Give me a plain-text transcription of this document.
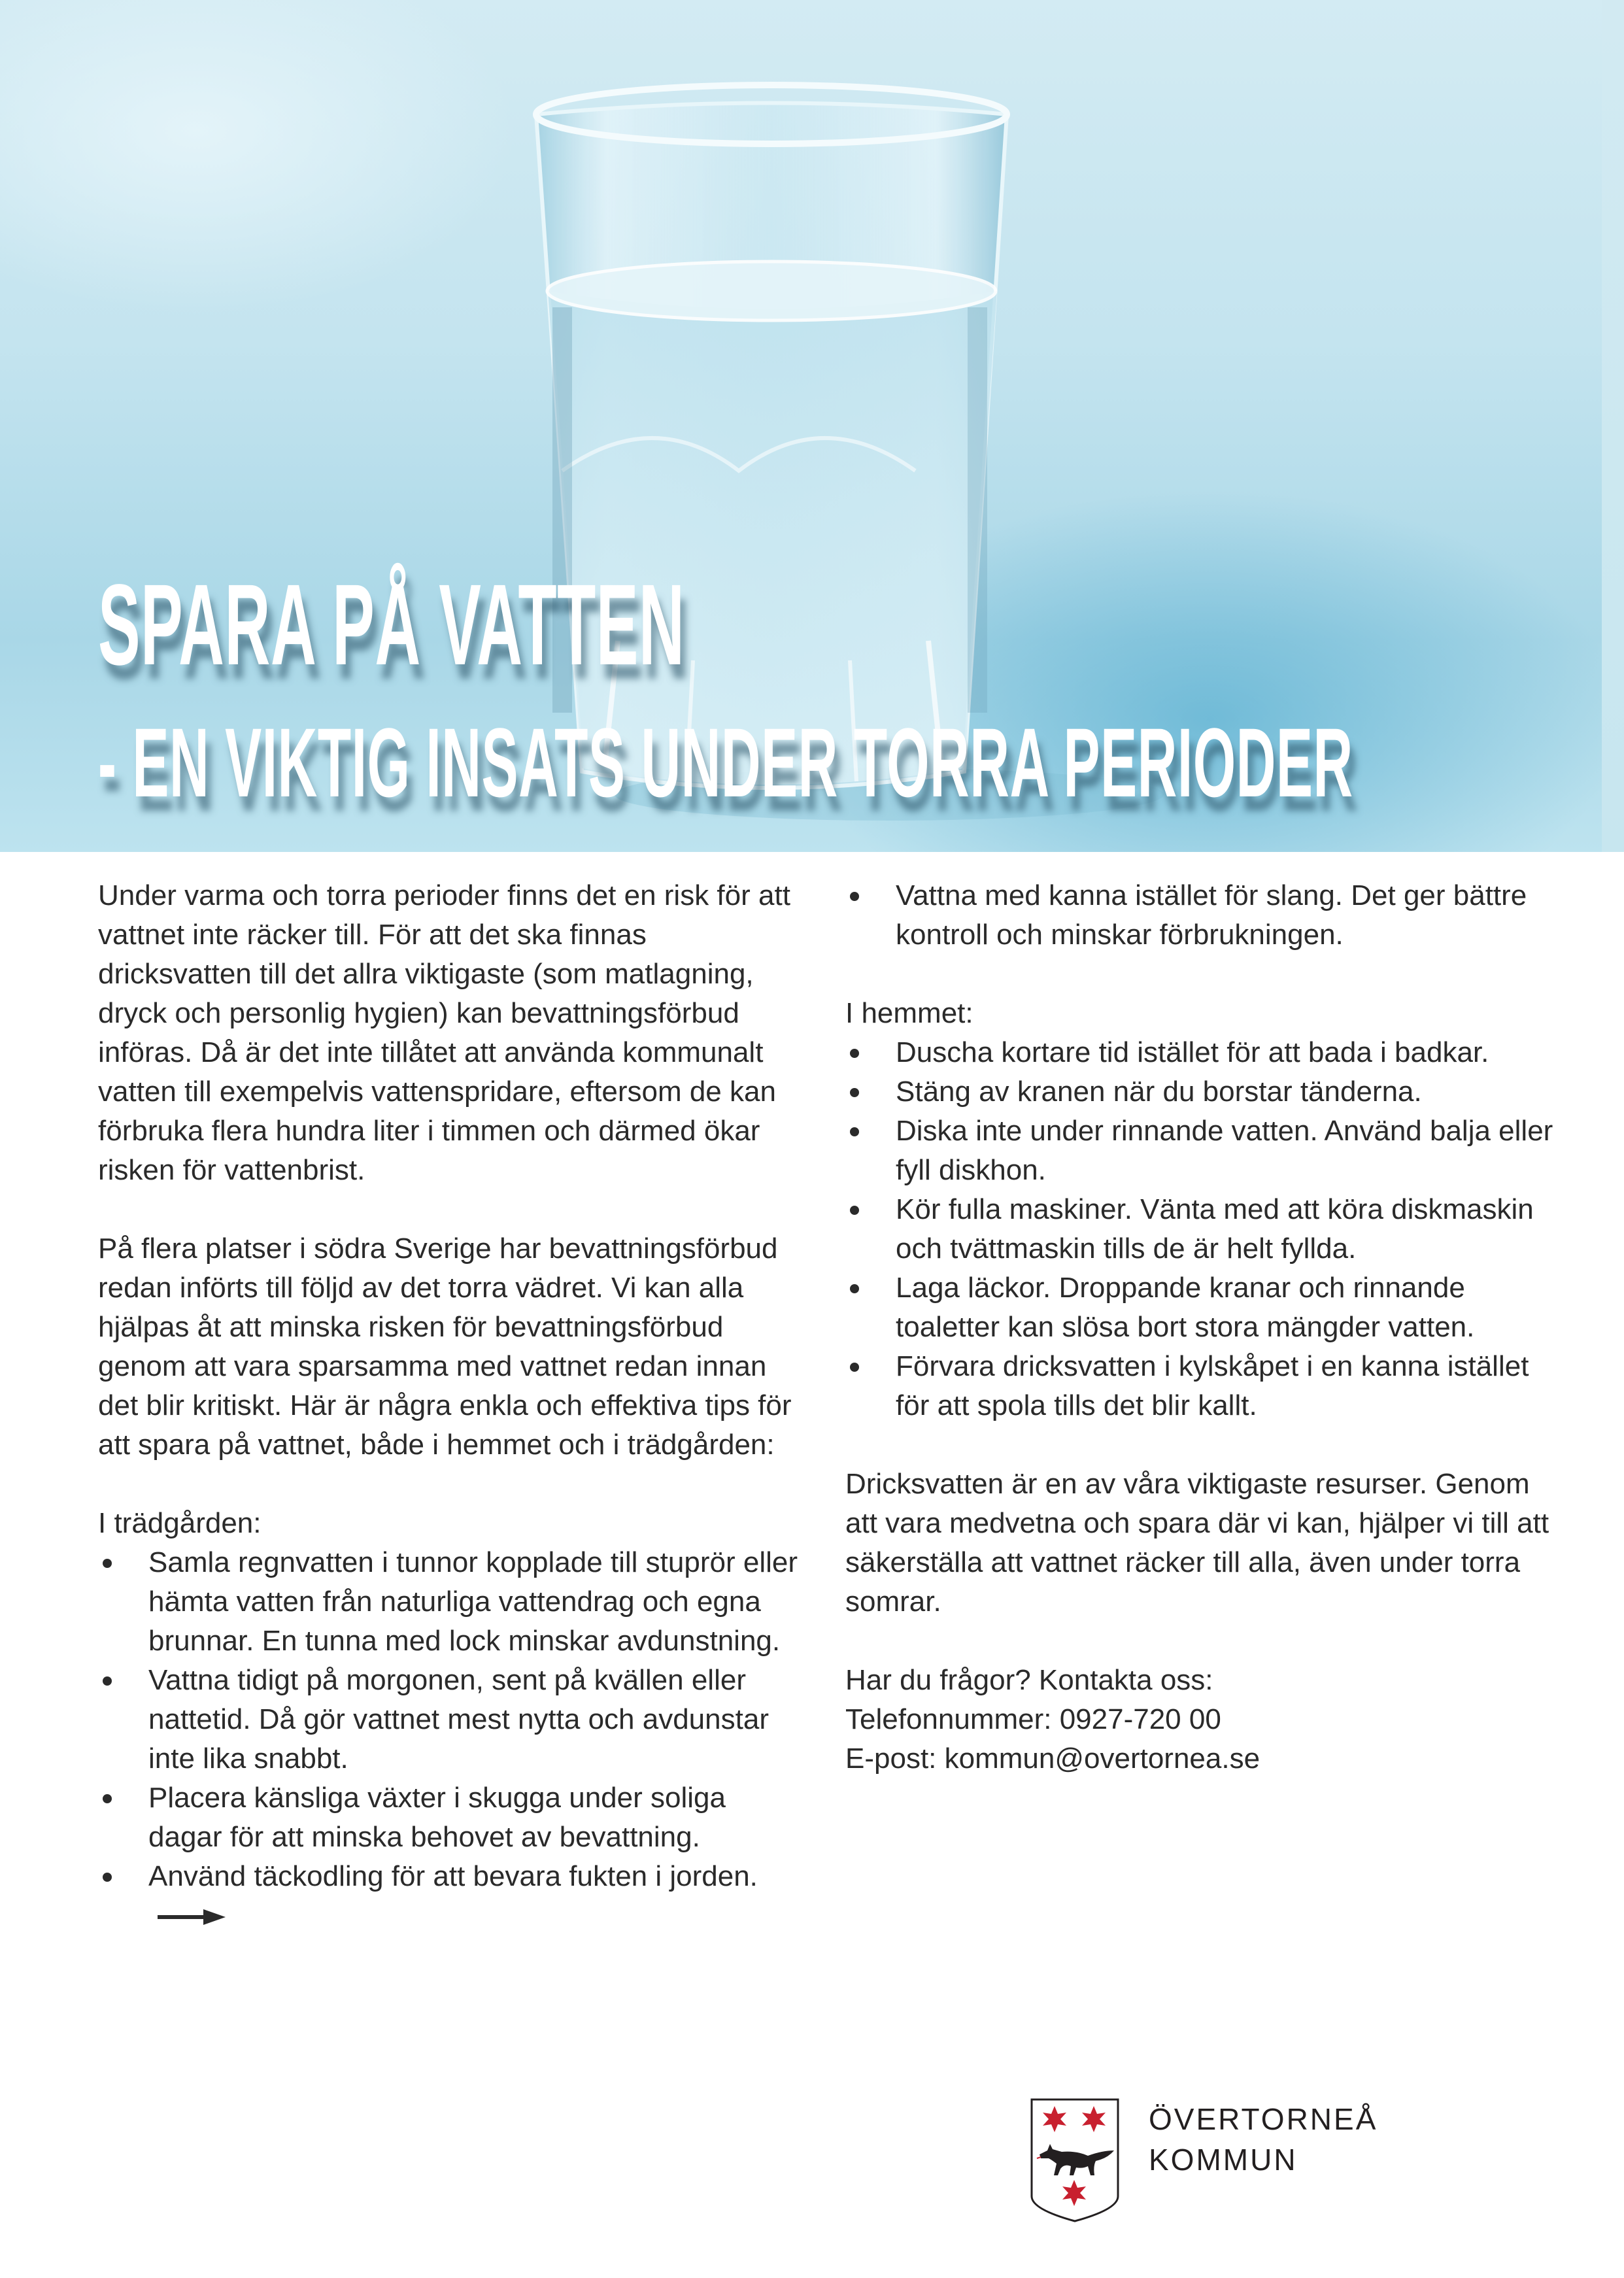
SPARA PÅ VATTEN
- EN VIKTIG INSATS UNDER TORRA PERIODER

Under varma och torra perioder finns det en risk för att vattnet inte räcker till. För att det ska finnas dricksvatten till det allra viktigaste (som matlagning, dryck och personlig hygien) kan bevattningsförbud införas. Då är det inte tillåtet att använda kommunalt vatten till exempelvis vattenspridare, eftersom de kan förbruka flera hundra liter i timmen och därmed ökar risken för vattenbrist.

På flera platser i södra Sverige har bevattningsförbud redan införts till följd av det torra vädret. Vi kan alla hjälpas åt att minska risken för bevattningsförbud genom att vara sparsamma med vattnet redan innan det blir kritiskt. Här är några enkla och effektiva tips för att spara på vattnet, både i hemmet och i trädgården:

I trädgården:

Samla regnvatten i tunnor kopplade till stuprör eller hämta vatten från naturliga vattendrag och egna brunnar. En tunna med lock minskar avdunstning.
Vattna tidigt på morgonen, sent på kvällen eller nattetid. Då gör vattnet mest nytta och avdunstar inte lika snabbt.
Placera känsliga växter i skugga under soliga dagar för att minska behovet av bevattning.
Använd täckodling för att bevara fukten i jorden.
Vattna med kanna istället för slang. Det ger bättre kontroll och minskar förbrukningen.

I hemmet:

Duscha kortare tid istället för att bada i badkar.
Stäng av kranen när du borstar tänderna.
Diska inte under rinnande vatten. Använd balja eller fyll diskhon.
Kör fulla maskiner. Vänta med att köra diskmaskin och tvättmaskin tills de är helt fyllda.
Laga läckor. Droppande kranar och rinnande toaletter kan slösa bort stora mängder vatten.
Förvara dricksvatten i kylskåpet i en kanna istället för att spola tills det blir kallt.

Dricksvatten är en av våra viktigaste resurser. Genom att vara medvetna och spara där vi kan, hjälper vi till att säkerställa att vattnet räcker till alla, även under torra somrar.

Har du frågor? Kontakta oss:

Telefonnummer: 0927-720 00

E-post: kommun@overtornea.se

ÖVERTORNEÅ
KOMMUN
